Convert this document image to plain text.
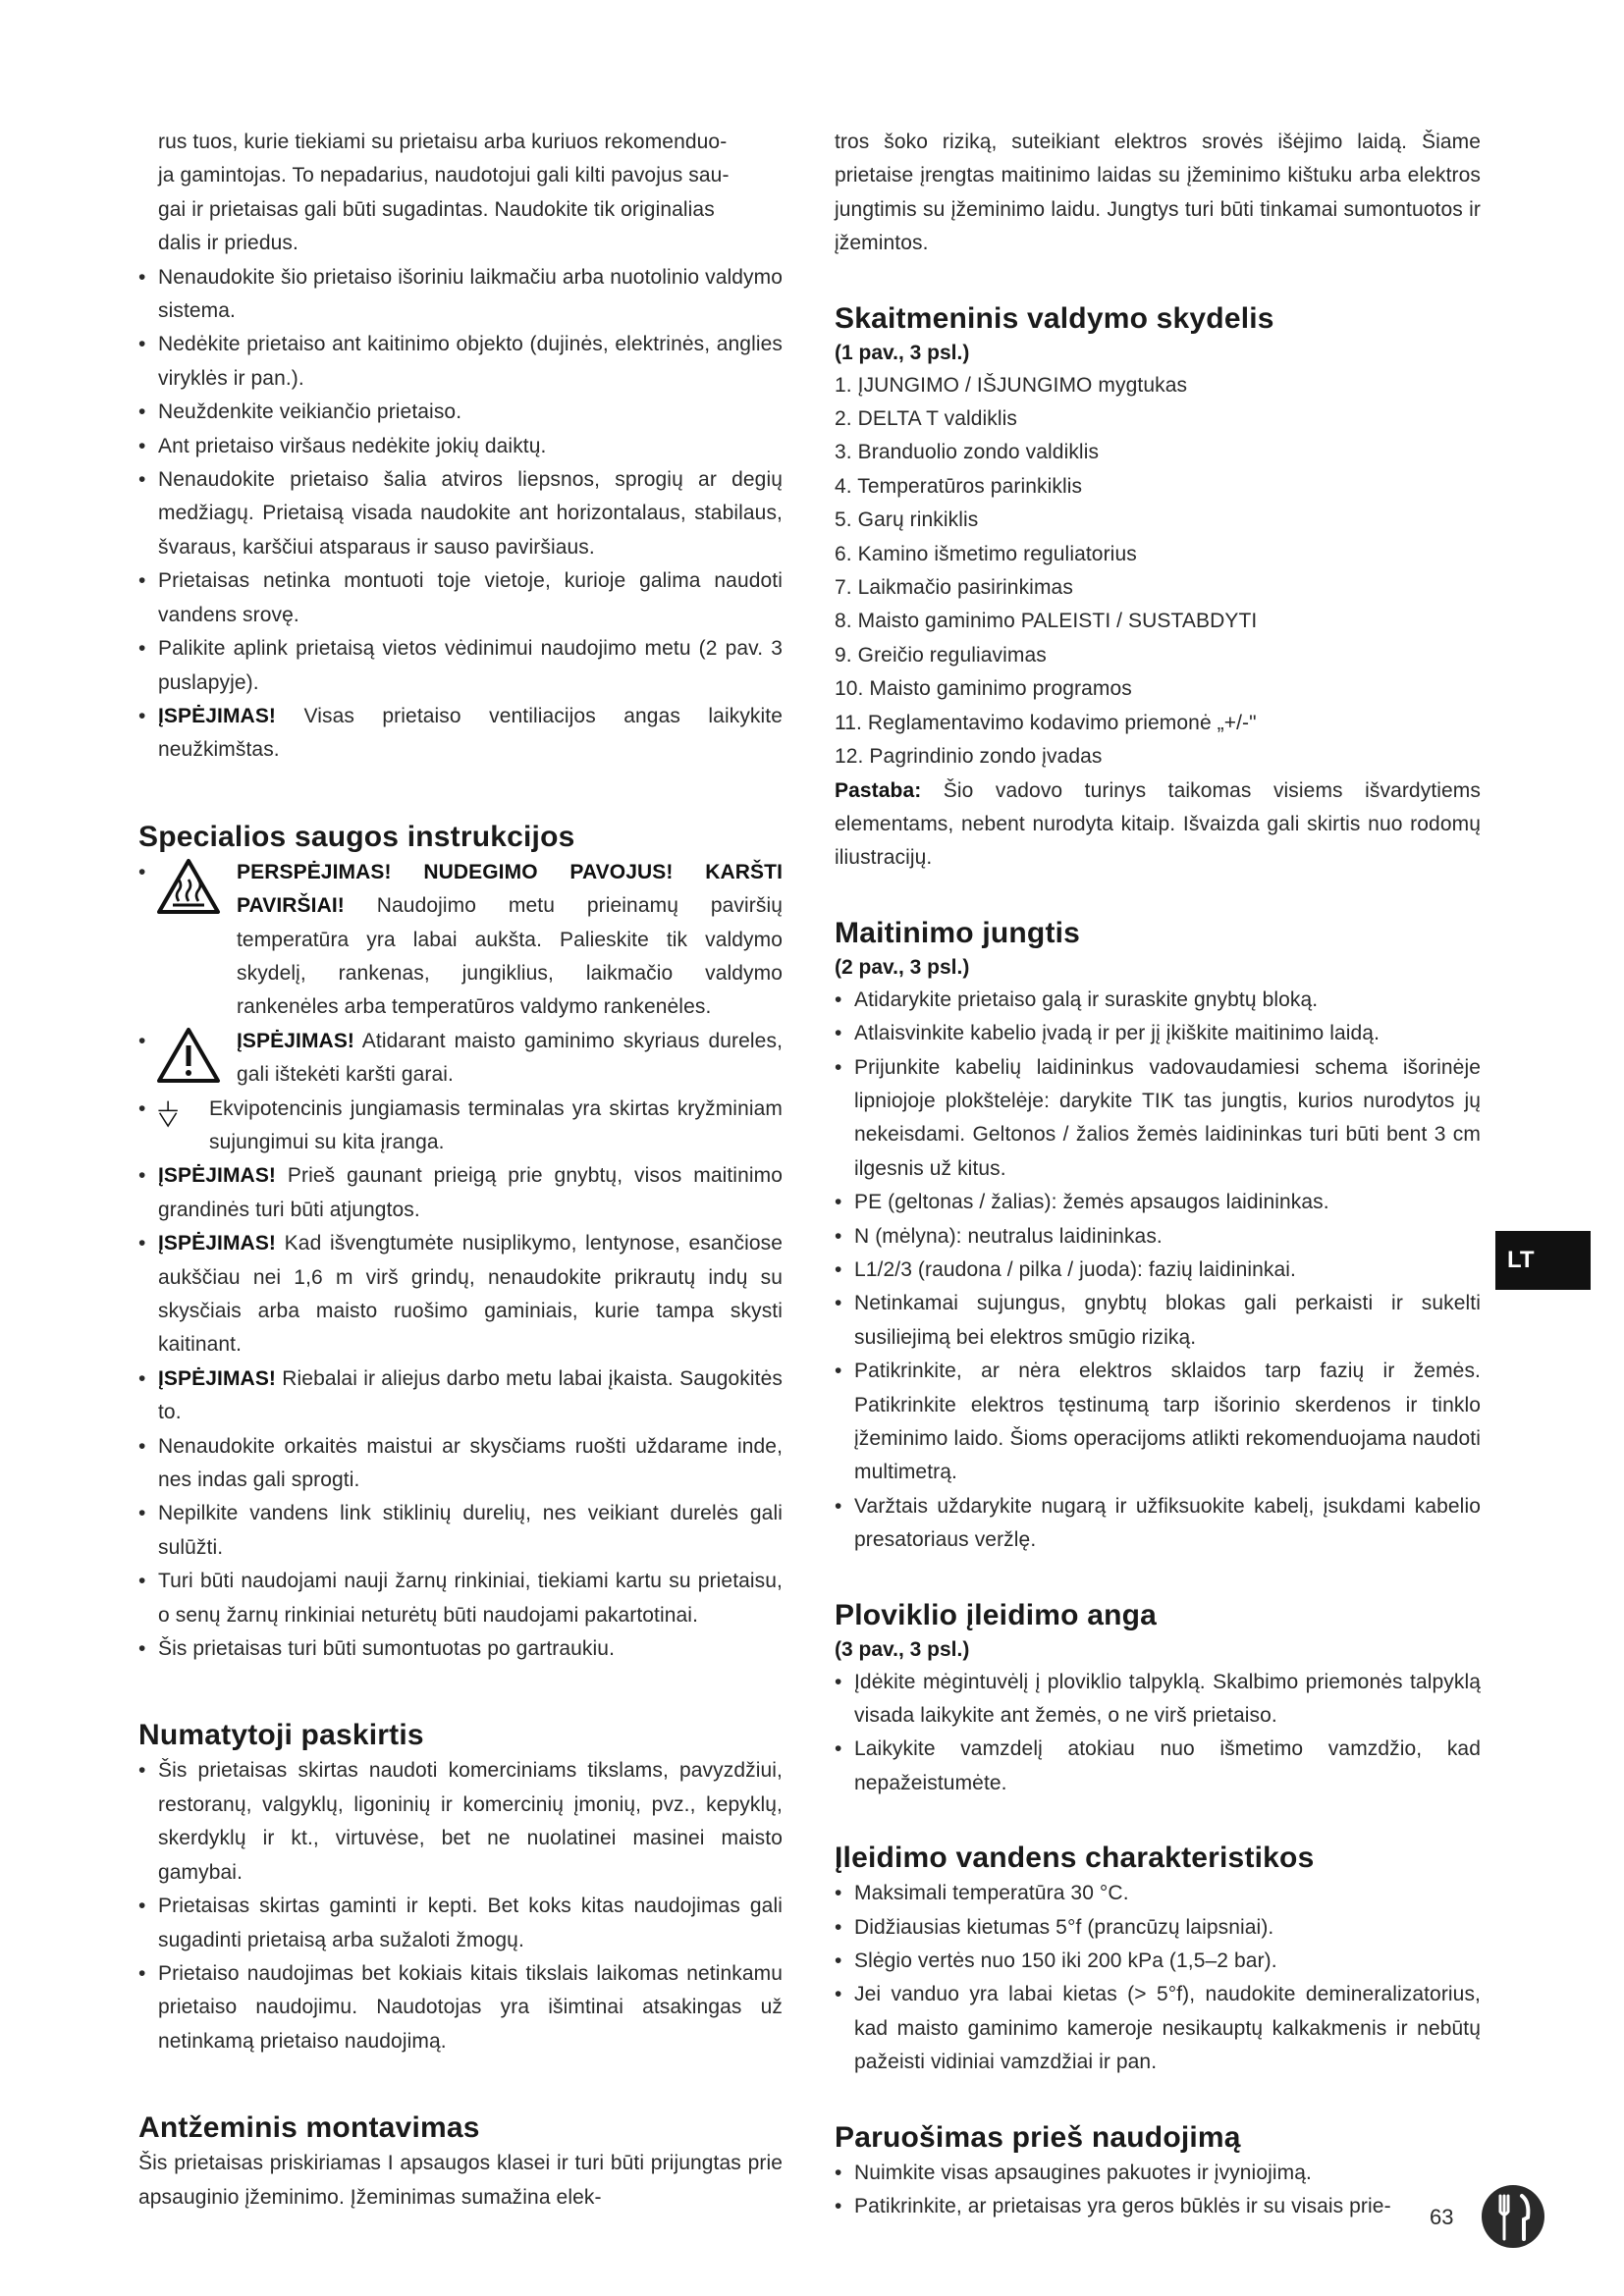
rus tuos, kurie tiekiami su prietaisu arba kuriuos rekomenduo-

ja gamintojas. To nepadarius, naudotojui gali kilti pavojus sau-

gai ir prietaisas gali būti sugadintas. Naudokite tik originalias

dalis ir priedus.

• Nenaudokite šio prietaiso išoriniu laikmačiu arba nuotolinio valdymo sistema.
• Nedėkite prietaiso ant kaitinimo objekto (dujinės, elektrinės, anglies viryklės ir pan.).
• Neuždenkite veikiančio prietaiso.
• Ant prietaiso viršaus nedėkite jokių daiktų.
• Nenaudokite prietaiso šalia atviros liepsnos, sprogių ar degių medžiagų. Prietaisą visada naudokite ant horizontalaus, stabilaus, švaraus, karščiui atsparaus ir sauso paviršiaus.
• Prietaisas netinka montuoti toje vietoje, kurioje galima naudoti vandens srovę.
• Palikite aplink prietaisą vietos vėdinimui naudojimo metu (2 pav. 3 puslapyje).
• ĮSPĖJIMAS! Visas prietaiso ventiliacijos angas laikykite neužkimštas.
Specialios saugos instrukcijos
• PERSPĖJIMAS! NUDEGIMO PAVOJUS! KARŠTI PAVIRŠIAI! Naudojimo metu prieinamų paviršių temperatūra yra labai aukšta. Palieskite tik valdymo skydelį, rankenas, jungiklius, laikmačio valdymo rankenėles arba temperatūros valdymo rankenėles.
• ĮSPĖJIMAS! Atidarant maisto gaminimo skyriaus dureles, gali ištekėti karšti garai.
• Ekvipotencinis jungiamasis terminalas yra skirtas kryžminiam sujungimui su kita įranga.
• ĮSPĖJIMAS! Prieš gaunant prieigą prie gnybtų, visos maitinimo grandinės turi būti atjungtos.
• ĮSPĖJIMAS! Kad išvengtumėte nusiplikymo, lentynose, esančiose aukščiau nei 1,6 m virš grindų, nenaudokite prikrautų indų su skysčiais arba maisto ruošimo gaminiais, kurie tampa skysti kaitinant.
• ĮSPĖJIMAS! Riebalai ir aliejus darbo metu labai įkaista. Saugokitės to.
• Nenaudokite orkaitės maistui ar skysčiams ruošti uždarame inde, nes indas gali sprogti.
• Nepilkite vandens link stiklinių durelių, nes veikiant durelės gali sulūžti.
• Turi būti naudojami nauji žarnų rinkiniai, tiekiami kartu su prietaisu, o senų žarnų rinkiniai neturėtų būti naudojami pakartotinai.
• Šis prietaisas turi būti sumontuotas po gartraukiu.
Numatytoji paskirtis
• Šis prietaisas skirtas naudoti komerciniams tikslams, pavyzdžiui, restoranų, valgyklų, ligoninių ir komercinių įmonių, pvz., kepyklų, skerdyklų ir kt., virtuvėse, bet ne nuolatinei masinei maisto gamybai.
• Prietaisas skirtas gaminti ir kepti. Bet koks kitas naudojimas gali sugadinti prietaisą arba sužaloti žmogų.
• Prietaiso naudojimas bet kokiais kitais tikslais laikomas netinkamu prietaiso naudojimu. Naudotojas yra išimtinai atsakingas už netinkamą prietaiso naudojimą.
Antžeminis montavimas

Šis prietaisas priskiriamas I apsaugos klasei ir turi būti prijungtas prie apsauginio įžeminimo. Įžeminimas sumažina elek-

tros šoko riziką, suteikiant elektros srovės išėjimo laidą. Šiame prietaise įrengtas maitinimo laidas su įžeminimo kištuku arba elektros jungtimis su įžeminimo laidu. Jungtys turi būti tinkamai sumontuotos ir įžemintos.

Skaitmeninis valdymo skydelis
(1 pav., 3 psl.)
1. ĮJUNGIMO / IŠJUNGIMO mygtukas
2. DELTA T valdiklis
3. Branduolio zondo valdiklis
4. Temperatūros parinkiklis
5. Garų rinkiklis
6. Kamino išmetimo reguliatorius
7. Laikmačio pasirinkimas
8. Maisto gaminimo PALEISTI / SUSTABDYTI
9. Greičio reguliavimas
10. Maisto gaminimo programos
11. Reglamentavimo kodavimo priemonė „+/-"
12. Pagrindinio zondo įvadas

Pastaba: Šio vadovo turinys taikomas visiems išvardytiems elementams, nebent nurodyta kitaip. Išvaizda gali skirtis nuo rodomų iliustracijų.

Maitinimo jungtis
(2 pav., 3 psl.)
• Atidarykite prietaiso galą ir suraskite gnybtų bloką.
• Atlaisvinkite kabelio įvadą ir per jį įkiškite maitinimo laidą.
• Prijunkite kabelių laidininkus vadovaudamiesi schema išorinėje lipniojoje plokštelėje: darykite TIK tas jungtis, kurios nurodytos jų nekeisdami. Geltonos / žalios žemės laidininkas turi būti bent 3 cm ilgesnis už kitus.
• PE (geltonas / žalias): žemės apsaugos laidininkas.
• N (mėlyna): neutralus laidininkas.
• L1/2/3 (raudona / pilka / juoda): fazių laidininkai.
• Netinkamai sujungus, gnybtų blokas gali perkaisti ir sukelti susiliejimą bei elektros smūgio riziką.
• Patikrinkite, ar nėra elektros sklaidos tarp fazių ir žemės. Patikrinkite elektros tęstinumą tarp išorinio skerdenos ir tinklo įžeminimo laido. Šioms operacijoms atlikti rekomenduojama naudoti multimetrą.
• Varžtais uždarykite nugarą ir užfiksuokite kabelį, įsukdami kabelio presatoriaus veržlę.
Ploviklio įleidimo anga
(3 pav., 3 psl.)
• Įdėkite mėgintuvėlį į ploviklio talpyklą. Skalbimo priemonės talpyklą visada laikykite ant žemės, o ne virš prietaiso.
• Laikykite vamzdelį atokiau nuo išmetimo vamzdžio, kad nepažeistumėte.
Įleidimo vandens charakteristikos
• Maksimali temperatūra 30 °C.
• Didžiausias kietumas 5°f (prancūzų laipsniai).
• Slėgio vertės nuo 150 iki 200 kPa (1,5–2 bar).
• Jei vanduo yra labai kietas (> 5°f), naudokite demineralizatorius, kad maisto gaminimo kameroje nesikauptų kalkakmenis ir nebūtų pažeisti vidiniai vamzdžiai ir pan.
Paruošimas prieš naudojimą
• Nuimkite visas apsaugines pakuotes ir įvyniojimą.
• Patikrinkite, ar prietaisas yra geros būklės ir su visais prie-
LT
63
